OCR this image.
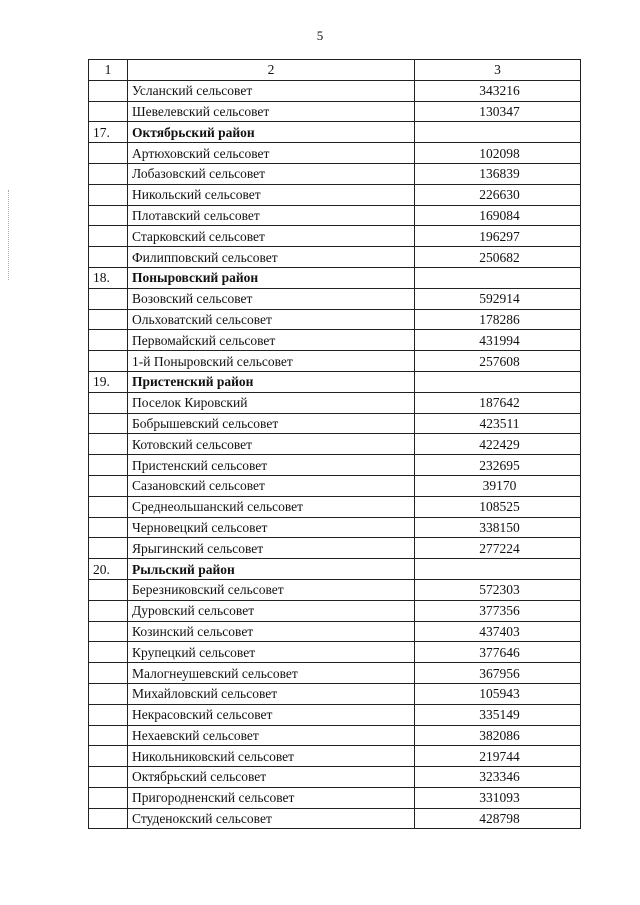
5
1	2	3
	Усланский сельсовет	343216
	Шевелевский сельсовет	130347
17.	Октябрьский район	
	Артюховский сельсовет	102098
	Лобазовский сельсовет	136839
	Никольский сельсовет	226630
	Плотавский сельсовет	169084
	Старковский сельсовет	196297
	Филипповский сельсовет	250682
18.	Поныровский район	
	Возовский сельсовет	592914
	Ольховатский сельсовет	178286
	Первомайский сельсовет	431994
	1-й Поныровский сельсовет	257608
19.	Пристенский район	
	Поселок Кировский	187642
	Бобрышевский сельсовет	423511
	Котовский сельсовет	422429
	Пристенский сельсовет	232695
	Сазановский сельсовет	39170
	Среднеольшанский сельсовет	108525
	Черновецкий сельсовет	338150
	Ярыгинский сельсовет	277224
20.	Рыльский район	
	Березниковский сельсовет	572303
	Дуровский сельсовет	377356
	Козинский сельсовет	437403
	Крупецкий сельсовет	377646
	Малогнеушевский сельсовет	367956
	Михайловский сельсовет	105943
	Некрасовский сельсовет	335149
	Нехаевский сельсовет	382086
	Никольниковский сельсовет	219744
	Октябрьский сельсовет	323346
	Пригородненский сельсовет	331093
	Студенокский сельсовет	428798
